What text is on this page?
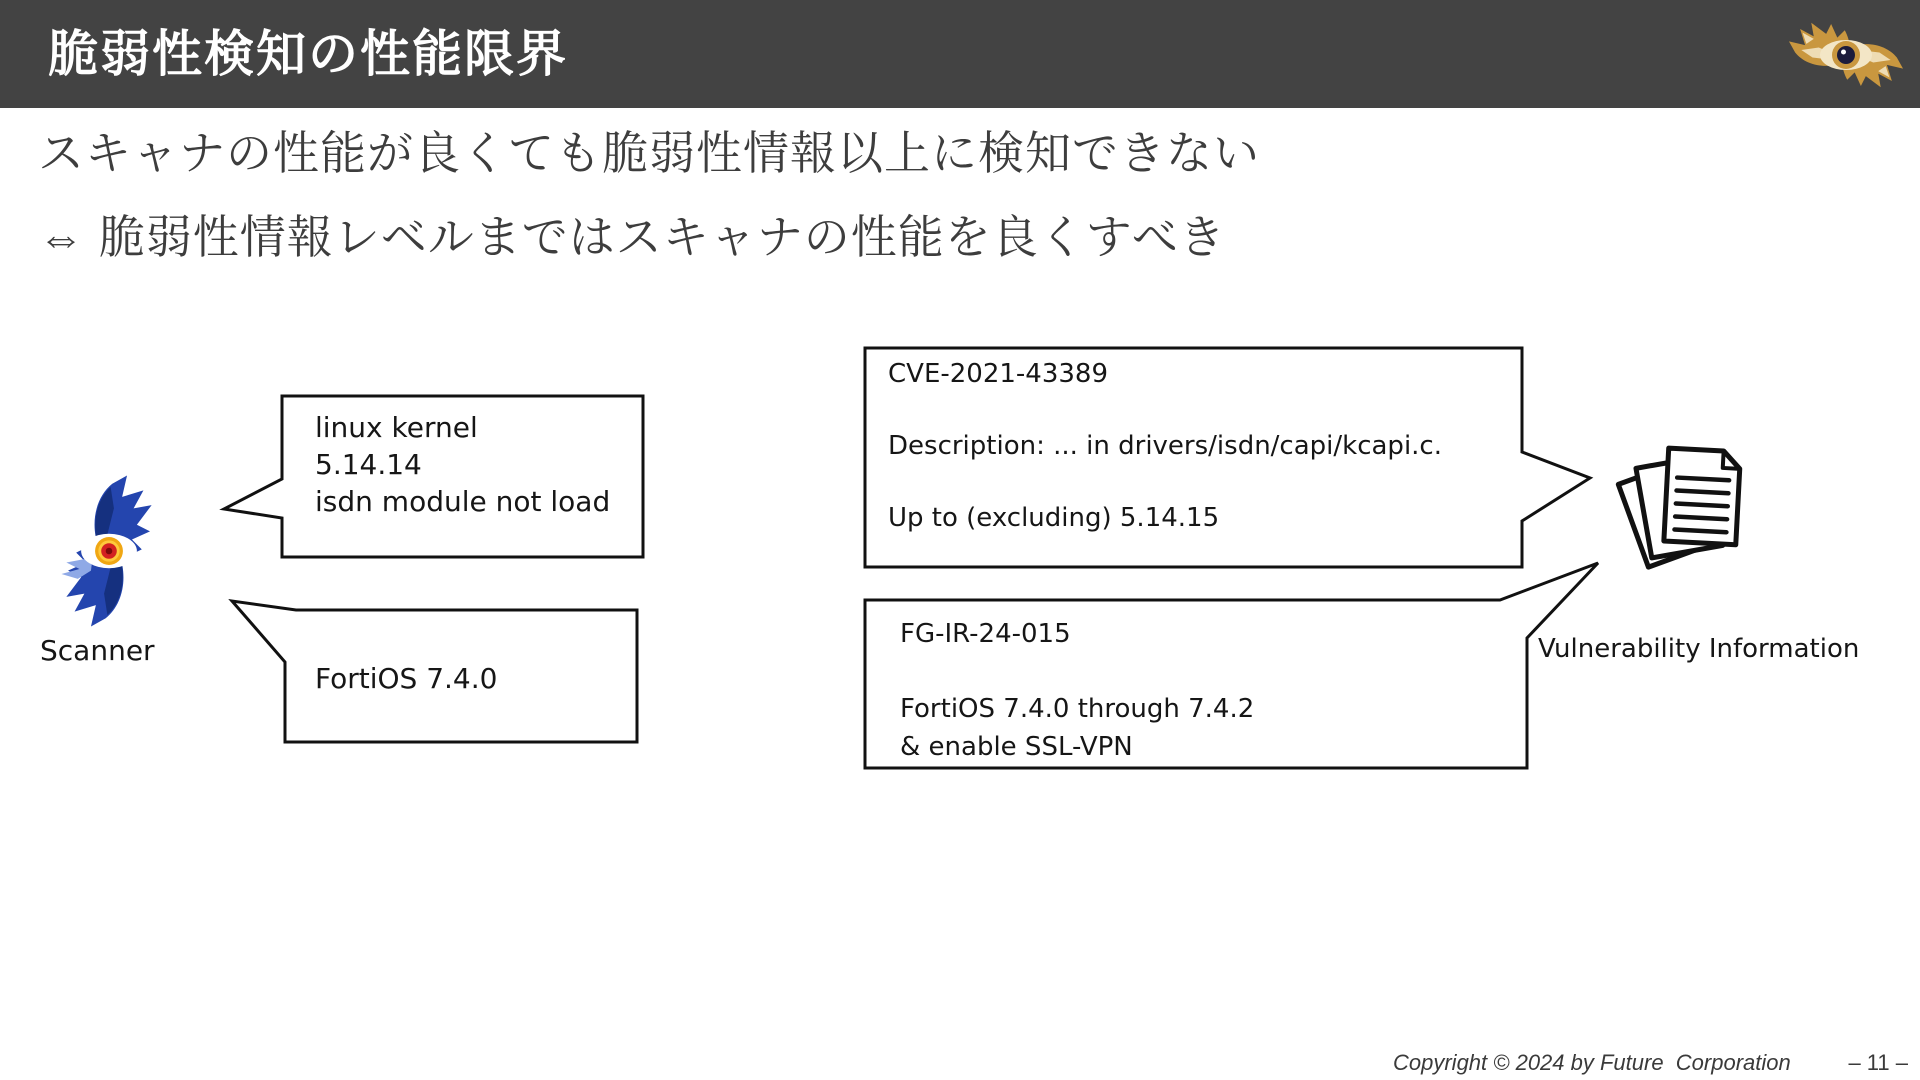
脆弱性検知の性能限界
スキャナの性能が良くても脆弱性情報以上に検知できない
⇔ 脆弱性情報レベルまではスキャナの性能を良くすべき
linux kernel
5.14.14
isdn module not load
FortiOS 7.4.0
CVE-2021-43389
Description: ... in drivers/isdn/capi/kcapi.c.
Up to (excluding) 5.14.15
FG-IR-24-015
FortiOS 7.4.0 through 7.4.2
& enable SSL-VPN
Scanner	Vulnerability Information
Copyright © 2024 by Future  Corporation	– 11 –
